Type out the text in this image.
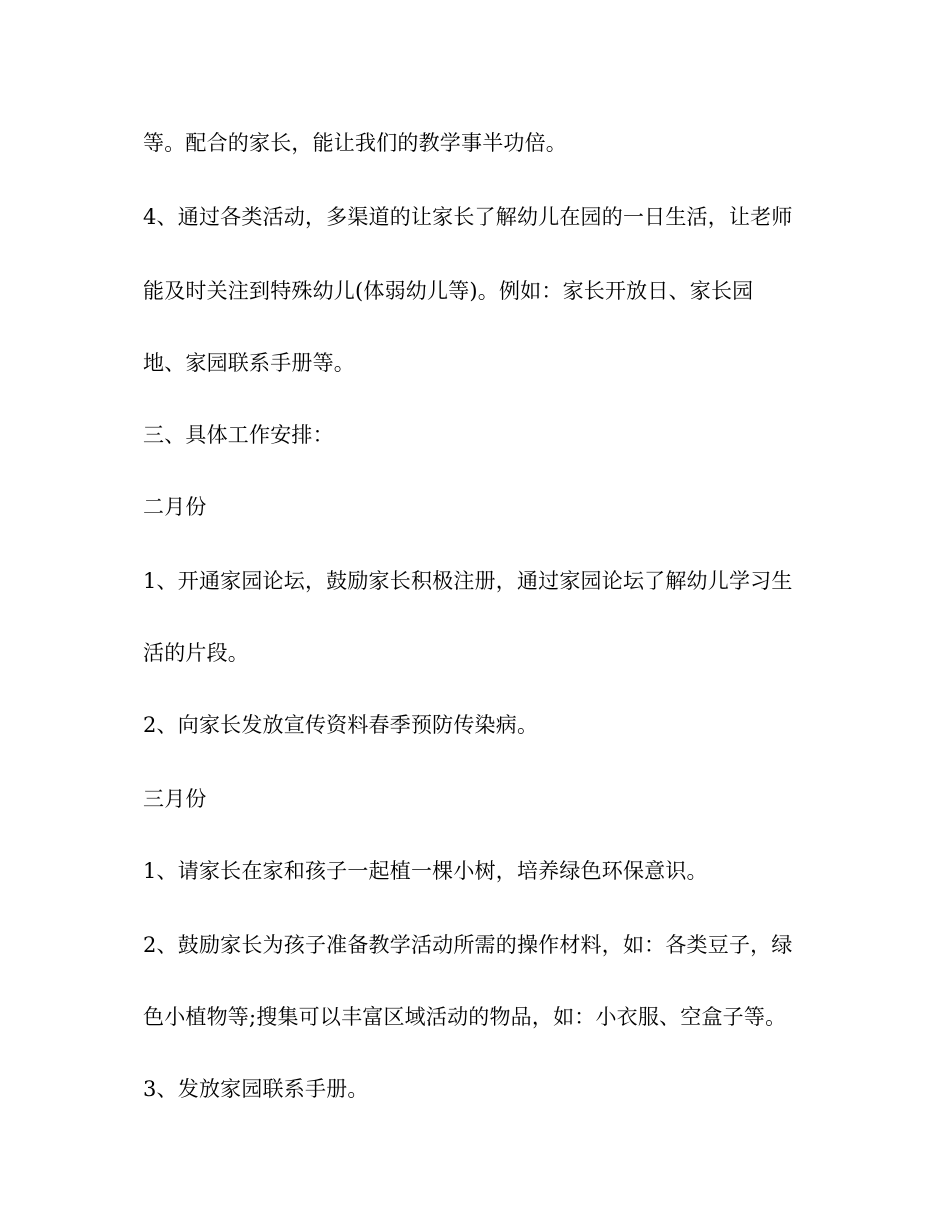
等。配合的家长，能让我们的教学事半功倍。
4、通过各类活动，多渠道的让家长了解幼儿在园的一日生活，让老师
能及时关注到特殊幼儿(体弱幼儿等)。例如：家长开放日、家长园
地、家园联系手册等。
三、具体工作安排：
二月份
1、开通家园论坛，鼓励家长积极注册，通过家园论坛了解幼儿学习生
活的片段。
2、向家长发放宣传资料春季预防传染病。
三月份
1、请家长在家和孩子一起植一棵小树，培养绿色环保意识。
2、鼓励家长为孩子准备教学活动所需的操作材料，如：各类豆子，绿
色小植物等;搜集可以丰富区域活动的物品，如：小衣服、空盒子等。
3、发放家园联系手册。
